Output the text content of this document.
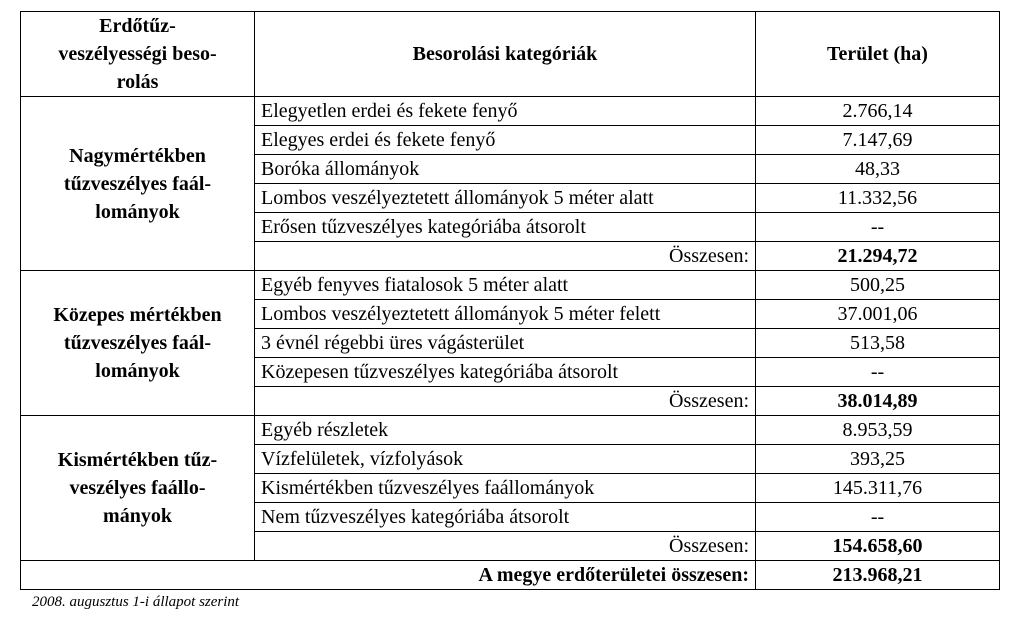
Erdőtűz-
veszélyességi beso-
rolás	Besorolási kategóriák	Terület (ha)
Nagymértékben
tűzveszélyes faál-
lományok	Elegyetlen erdei és fekete fenyő	2.766,14
	Elegyes erdei és fekete fenyő	7.147,69
	Boróka állományok	48,33
	Lombos veszélyeztetett állományok 5 méter alatt	11.332,56
	Erősen tűzveszélyes kategóriába átsorolt	--
	Összesen:	21.294,72
Közepes mértékben
tűzveszélyes faál-
lományok	Egyéb fenyves fiatalosok 5 méter alatt	500,25
	Lombos veszélyeztetett állományok 5 méter felett	37.001,06
	3 évnél régebbi üres vágásterület	513,58
	Közepesen tűzveszélyes kategóriába átsorolt	--
	Összesen:	38.014,89
Kismértékben tűz-
veszélyes faállo-
mányok	Egyéb részletek	8.953,59
	Vízfelületek, vízfolyások	393,25
	Kismértékben tűzveszélyes faállományok	145.311,76
	Nem tűzveszélyes kategóriába átsorolt	--
	Összesen:	154.658,60
A megye erdőterületei összesen:		213.968,21
2008. augusztus 1-i állapot szerint
